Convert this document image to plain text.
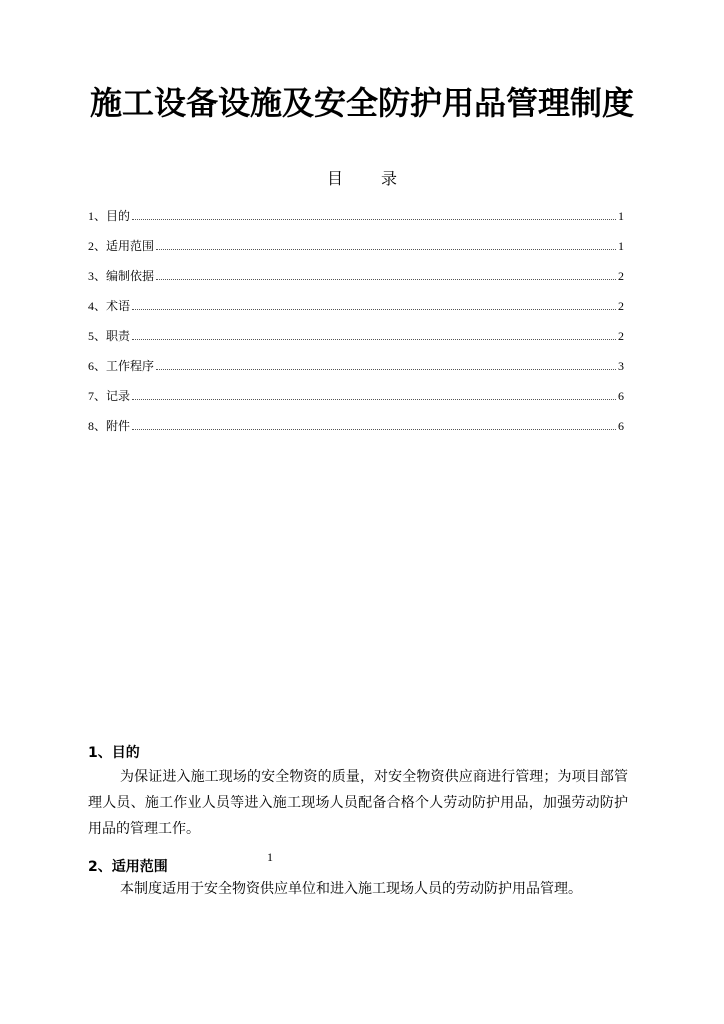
施工设备设施及安全防护用品管理制度
目 录
1、 目的	1
2、 适用范围	1
3、 编制依据	2
4、 术语	2
5、 职责	2
6、 工作程序	3
7、 记录	6
8、 附件	6
1、目的

为保证进入施工现场的安全物资的质量，对安全物资供应商进行管理；为项目部管理人员、施工作业人员等进入施工现场人员配备合格个人劳动防护用品，加强劳动防护用品的管理工作。

1
2、适用范围

本制度适用于安全物资供应单位和进入施工现场人员的劳动防护用品管理。
